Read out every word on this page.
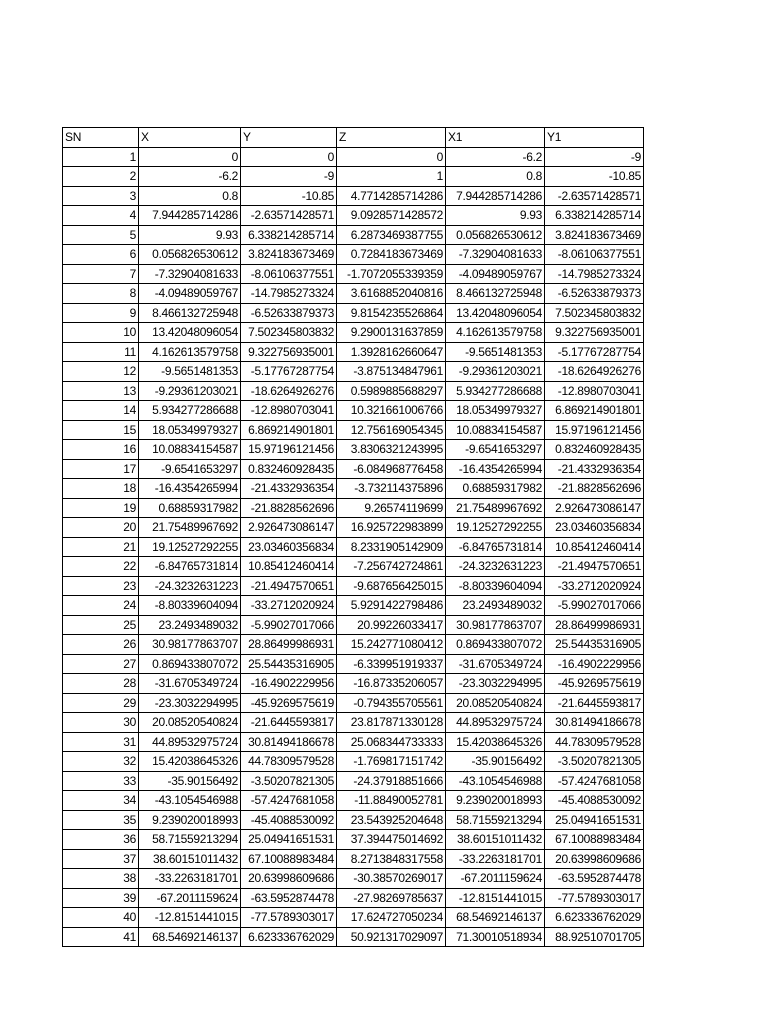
SN	X	Y	Z	X1	Y1
1	0	0	0	-6.2	-9
2	-6.2	-9	1	0.8	-10.85
3	0.8	-10.85	4.7714285714286	7.944285714286	-2.63571428571
4	7.944285714286	-2.63571428571	9.0928571428572	9.93	6.338214285714
5	9.93	6.338214285714	6.2873469387755	0.056826530612	3.824183673469
6	0.056826530612	3.824183673469	0.7284183673469	-7.32904081633	-8.06106377551
7	-7.32904081633	-8.06106377551	-1.7072055339359	-4.09489059767	-14.7985273324
8	-4.09489059767	-14.7985273324	3.6168852040816	8.466132725948	-6.52633879373
9	8.466132725948	-6.52633879373	9.8154235526864	13.42048096054	7.502345803832
10	13.42048096054	7.502345803832	9.2900131637859	4.162613579758	9.322756935001
11	4.162613579758	9.322756935001	1.3928162660647	-9.5651481353	-5.17767287754
12	-9.5651481353	-5.17767287754	-3.875134847961	-9.29361203021	-18.6264926276
13	-9.29361203021	-18.6264926276	0.5989885688297	5.934277286688	-12.8980703041
14	5.934277286688	-12.8980703041	10.321661006766	18.05349979327	6.869214901801
15	18.05349979327	6.869214901801	12.756169054345	10.08834154587	15.97196121456
16	10.08834154587	15.97196121456	3.8306321243995	-9.6541653297	0.832460928435
17	-9.6541653297	0.832460928435	-6.084968776458	-16.4354265994	-21.4332936354
18	-16.4354265994	-21.4332936354	-3.732114375896	0.68859317982	-21.8828562696
19	0.68859317982	-21.8828562696	9.26574119699	21.75489967692	2.926473086147
20	21.75489967692	2.926473086147	16.925722983899	19.12527292255	23.03460356834
21	19.12527292255	23.03460356834	8.2331905142909	-6.84765731814	10.85412460414
22	-6.84765731814	10.85412460414	-7.256742724861	-24.3232631223	-21.4947570651
23	-24.3232631223	-21.4947570651	-9.687656425015	-8.80339604094	-33.2712020924
24	-8.80339604094	-33.2712020924	5.9291422798486	23.2493489032	-5.99027017066
25	23.2493489032	-5.99027017066	20.99226033417	30.98177863707	28.86499986931
26	30.98177863707	28.86499986931	15.242771080412	0.869433807072	25.54435316905
27	0.869433807072	25.54435316905	-6.339951919337	-31.6705349724	-16.4902229956
28	-31.6705349724	-16.4902229956	-16.87335206057	-23.3032294995	-45.9269575619
29	-23.3032294995	-45.9269575619	-0.794355705561	20.08520540824	-21.6445593817
30	20.08520540824	-21.6445593817	23.817871330128	44.89532975724	30.81494186678
31	44.89532975724	30.81494186678	25.068344733333	15.42038645326	44.78309579528
32	15.42038645326	44.78309579528	-1.769817151742	-35.90156492	-3.50207821305
33	-35.90156492	-3.50207821305	-24.37918851666	-43.1054546988	-57.4247681058
34	-43.1054546988	-57.4247681058	-11.88490052781	9.239020018993	-45.4088530092
35	9.239020018993	-45.4088530092	23.543925204648	58.71559213294	25.04941651531
36	58.71559213294	25.04941651531	37.394475014692	38.60151011432	67.10088983484
37	38.60151011432	67.10088983484	8.2713848317558	-33.2263181701	20.63998609686
38	-33.2263181701	20.63998609686	-30.38570269017	-67.2011159624	-63.5952874478
39	-67.2011159624	-63.5952874478	-27.98269785637	-12.8151441015	-77.5789303017
40	-12.8151441015	-77.5789303017	17.624727050234	68.54692146137	6.623336762029
41	68.54692146137	6.623336762029	50.921317029097	71.30010518934	88.92510701705
